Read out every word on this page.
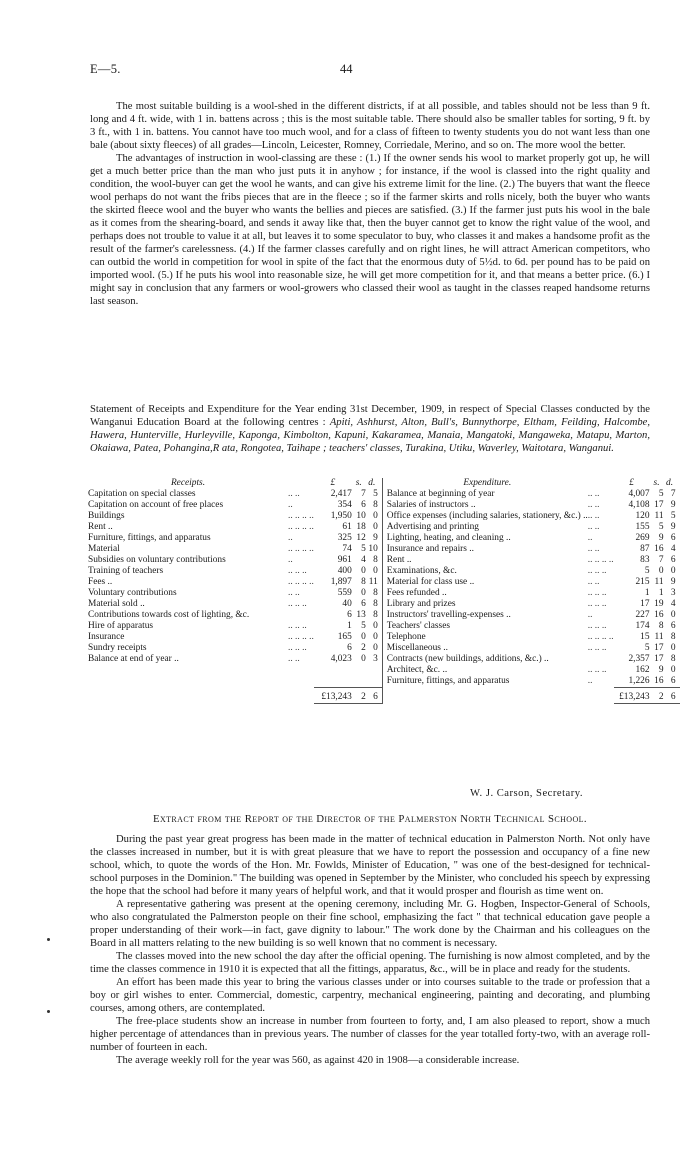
E—5.	44

The most suitable building is a wool-shed in the different districts, if at all possible, and tables should not be less than 9 ft. long and 4 ft. wide, with 1 in. battens across ; this is the most suitable table. There should also be smaller tables for sorting, 9 ft. by 3 ft., with 1 in. battens. You cannot have too much wool, and for a class of fifteen to twenty students you do not want less than one bale (about sixty fleeces) of all grades—Lincoln, Leicester, Romney, Corriedale, Merino, and so on. The more wool the better.

The advantages of instruction in wool-classing are these : (1.) If the owner sends his wool to market properly got up, he will get a much better price than the man who just puts it in anyhow ; for instance, if the wool is classed into the right quality and condition, the wool-buyer can get the wool he wants, and can give his extreme limit for the line. (2.) The buyers that want the fleece wool perhaps do not want the fribs pieces that are in the fleece ; so if the farmer skirts and rolls nicely, both the buyer who wants the skirted fleece wool and the buyer who wants the bellies and pieces are satisfied. (3.) If the farmer just puts his wool in the bale as it comes from the shearing-board, and sends it away like that, then the buyer cannot get to know the right value of the wool, and perhaps does not trouble to value it at all, but leaves it to some speculator to buy, who classes it and makes a handsome profit as the result of the farmer's carelessness. (4.) If the farmer classes carefully and on right lines, he will attract American competitors, who can outbid the world in competition for wool in spite of the fact that the enormous duty of 5½d. to 6d. per pound has to be paid on imported wool. (5.) If he puts his wool into reasonable size, he will get more competition for it, and that means a better price. (6.) I might say in conclusion that any farmers or wool-growers who classed their wool as taught in the classes reaped handsome returns last season.

Statement of Receipts and Expenditure for the Year ending 31st December, 1909, in respect of Special Classes conducted by the Wanganui Education Board at the following centres : Apiti, Ashhurst, Alton, Bull's, Bunnythorpe, Eltham, Feilding, Halcombe, Hawera, Hunterville, Hurleyville, Kaponga, Kimbolton, Kapuni, Kakaramea, Manaia, Mangatoki, Mangaweka, Matapu, Marton, Okaiawa, Patea, Pohangina,R ata, Rongotea, Taihape ; teachers' classes, Turakina, Utiku, Waverley, Waitotara, Wanganui.
Receipts.		£	s.	d.	Expenditure.		£	s.	d.
Capitation on special classes	.. ..	2,417	7	5	Balance at beginning of year	.. ..	4,007	5	7
Capitation on account of free places	..	354	6	8	Salaries of instructors ..	.. ..	4,108	17	9
Buildings	.. .. .. ..	1,950	10	0	Office expenses (including salaries, stationery, &c.) ..	.. ..	120	11	5
Rent ..	.. .. .. ..	61	18	0	Advertising and printing	.. ..	155	5	9
Furniture, fittings, and apparatus	..	325	12	9	Lighting, heating, and cleaning ..	..	269	9	6
Material	.. .. .. ..	74	5	10	Insurance and repairs ..	.. ..	87	16	4
Subsidies on voluntary contributions	..	961	4	8	Rent ..	.. .. .. ..	83	7	6
Training of teachers	.. .. ..	400	0	0	Examinations, &c.	.. .. ..	5	0	0
Fees ..	.. .. .. ..	1,897	8	11	Material for class use ..	.. ..	215	11	9
Voluntary contributions	.. ..	559	0	8	Fees refunded ..	.. .. ..	1	1	3
Material sold ..	.. .. ..	40	6	8	Library and prizes	.. .. ..	17	19	4
Contributions towards cost of lighting, &c.		6	13	8	Instructors' travelling-expenses ..	..	227	16	0
Hire of apparatus	.. .. ..	1	5	0	Teachers' classes	.. .. ..	174	8	6
Insurance	.. .. .. ..	165	0	0	Telephone	.. .. .. ..	15	11	8
Sundry receipts	.. .. ..	6	2	0	Miscellaneous ..	.. .. ..	5	17	0
Balance at end of year ..	.. ..	4,023	0	3	Contracts (new buildings, additions, &c.) ..		2,357	17	8
					Architect, &c. ..	.. .. ..	162	9	0
					Furniture, fittings, and apparatus	..	1,226	16	6
		£13,243	2	6			£13,243	2	6
W. J. Carson, Secretary.
Extract from the Report of the Director of the Palmerston North Technical School.

During the past year great progress has been made in the matter of technical education in Palmerston North. Not only have the classes increased in number, but it is with great pleasure that we have to report the possession and occupancy of a fine new school, which, to quote the words of the Hon. Mr. Fowlds, Minister of Education, " was one of the best-designed for technical-school purposes in the Dominion." The building was opened in September by the Minister, who concluded his speech by expressing the hope that the school had before it many years of helpful work, and that it would prosper and flourish as time went on.

A representative gathering was present at the opening ceremony, including Mr. G. Hogben, Inspector-General of Schools, who also congratulated the Palmerston people on their fine school, emphasizing the fact " that technical education gave people a proper understanding of their work—in fact, gave dignity to labour." The work done by the Chairman and his colleagues on the Board in all matters relating to the new building is so well known that no comment is necessary.

The classes moved into the new school the day after the official opening. The furnishing is now almost completed, and by the time the classes commence in 1910 it is expected that all the fittings, apparatus, &c., will be in place and ready for the students.

An effort has been made this year to bring the various classes under or into courses suitable to the trade or profession that a boy or girl wishes to enter. Commercial, domestic, carpentry, mechanical engineering, painting and decorating, and plumbing courses, among others, are contemplated.

The free-place students show an increase in number from fourteen to forty, and, I am also pleased to report, show a much higher percentage of attendances than in previous years. The number of classes for the year totalled forty-two, with an average roll-number of fourteen in each.

The average weekly roll for the year was 560, as against 420 in 1908—a considerable increase.
